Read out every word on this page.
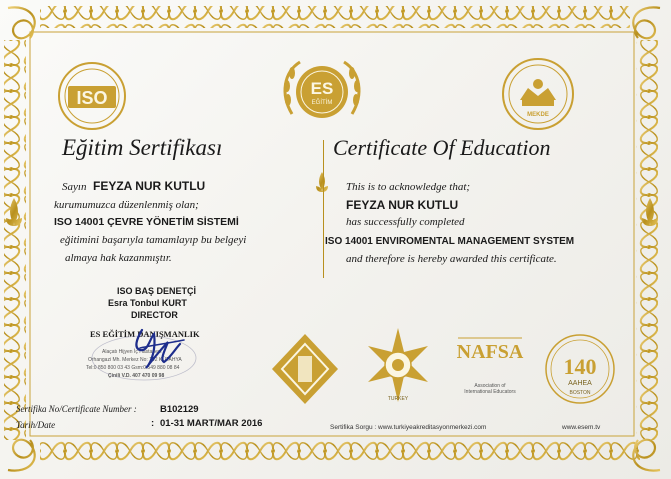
ISO	ES
EĞİTİM
MEKDE
Eğitim Sertifikası
Sayın FEYZA NUR KUTLU
kurumumuzca düzenlenmiş olan;
ISO 14001 ÇEVRE YÖNETİM SİSTEMİ
eğitimini başarıyla tamamlayıp bu belgeyi
almaya hak kazanmıştır.
Certificate Of Education
This is to acknowledge that;
FEYZA NUR KUTLU
has successfully completed
ISO 14001 ENVIROMENTAL MANAGEMENT SYSTEM
and therefore is hereby awarded this certificate.
ISO BAŞ DENETÇİ
Esra Tonbul KURT
DIRECTOR
ES EĞİTİM DANIŞMANLIK
Alaçatı Hijyen İç Hastanesi
Orhangazi Mh. Merkez No: 192 KÜTAHYA
Tel:0 850 800 03 43 Gsm:0 549 880 08 84
Çinili V.D. 407 470 09 98
TURKEY
NAFSA
Association of
International Educators
140
AAHEA
BOSTON
Sertifika No/Certificate Number : B102129
Tarih/Date	: 01-31 MART/MAR 2016	Sertifika Sorgu : www.turkiyeakreditasyonmerkezi.com	www.esem.tv
